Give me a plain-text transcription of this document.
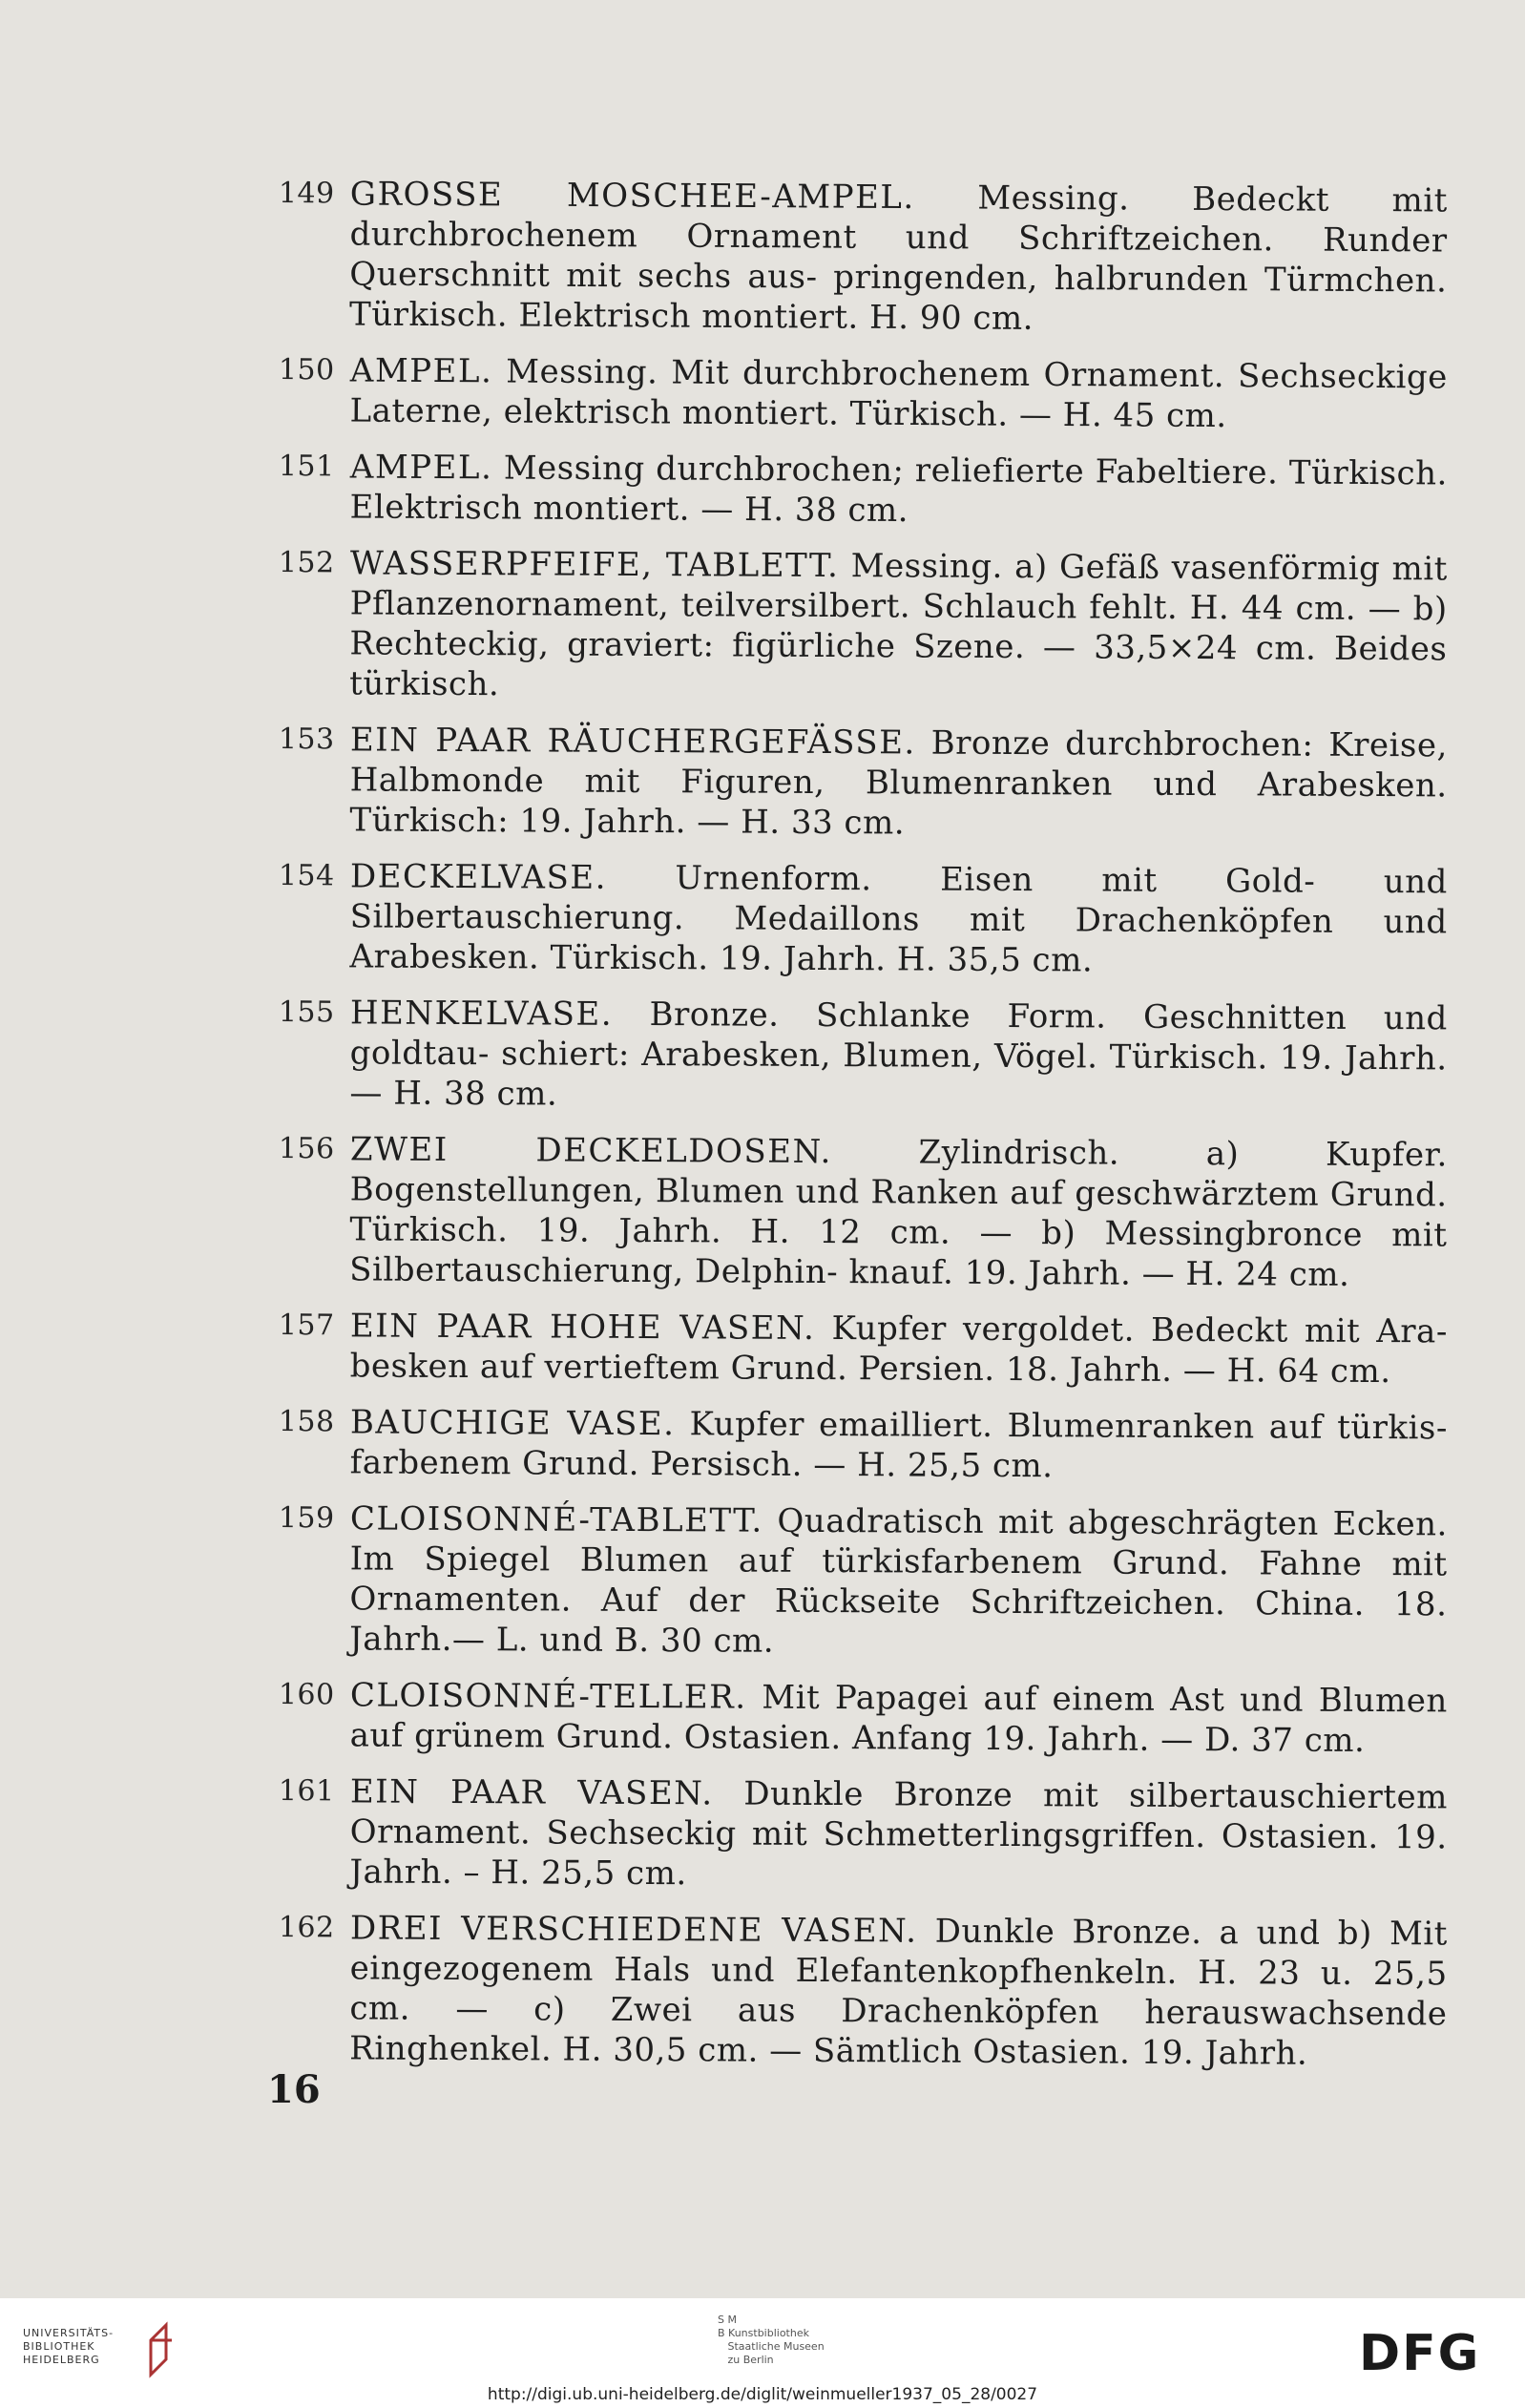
149 GROSSE MOSCHEE-AMPEL. Messing. Bedeckt mit durchbrochenem Ornament und Schriftzeichen. Runder Querschnitt mit sechs aus- pringenden, halbrunden Türmchen. Türkisch. Elektrisch montiert. H. 90 cm.
150 AMPEL. Messing. Mit durchbrochenem Ornament. Sechseckige Laterne, elektrisch montiert. Türkisch. — H. 45 cm.
151 AMPEL. Messing durchbrochen; reliefierte Fabeltiere. Türkisch. Elektrisch montiert. — H. 38 cm.
152 WASSERPFEIFE, TABLETT. Messing. a) Gefäß vasenförmig mit Pflanzenornament, teilversilbert. Schlauch fehlt. H. 44 cm. — b) Rechteckig, graviert: figürliche Szene. — 33,5×24 cm. Beides türkisch.
153 EIN PAAR RÄUCHERGEFÄSSE. Bronze durchbrochen: Kreise, Halbmonde mit Figuren, Blumenranken und Arabesken. Türkisch: 19. Jahrh. — H. 33 cm.
154 DECKELVASE. Urnenform. Eisen mit Gold- und Silbertauschierung. Medaillons mit Drachenköpfen und Arabesken. Türkisch. 19. Jahrh. H. 35,5 cm.
155 HENKELVASE. Bronze. Schlanke Form. Geschnitten und goldtau- schiert: Arabesken, Blumen, Vögel. Türkisch. 19. Jahrh. — H. 38 cm.
156 ZWEI DECKELDOSEN.	Zylindrisch. a) Kupfer. Bogenstellungen, Blumen und Ranken auf geschwärztem Grund. Türkisch. 19. Jahrh. H. 12 cm. — b) Messingbronce mit Silbertauschierung, Delphin- knauf. 19. Jahrh. — H. 24 cm.
157 EIN PAAR HOHE VASEN. Kupfer vergoldet. Bedeckt mit Ara- besken auf vertieftem Grund. Persien. 18. Jahrh. — H. 64 cm.
158 BAUCHIGE VASE. Kupfer emailliert. Blumenranken auf türkis- farbenem Grund. Persisch. — H. 25,5 cm.
159 CLOISONNÉ-TABLETT. Quadratisch mit abgeschrägten Ecken. Im Spiegel Blumen auf türkisfarbenem Grund. Fahne mit Ornamenten. Auf der Rückseite Schriftzeichen. China. 18. Jahrh.— L. und B. 30 cm.
160 CLOISONNÉ-TELLER. Mit Papagei auf einem Ast und Blumen auf grünem Grund. Ostasien. Anfang 19. Jahrh. — D. 37 cm.
161 EIN PAAR VASEN. Dunkle Bronze mit silbertauschiertem Ornament. Sechseckig mit Schmetterlingsgriffen. Ostasien. 19. Jahrh. – H. 25,5 cm.
162 DREI VERSCHIEDENE VASEN. Dunkle Bronze. a und b) Mit eingezogenem Hals und Elefantenkopfhenkeln. H. 23 u. 25,5 cm. — c) Zwei aus Drachenköpfen herauswachsende Ringhenkel. H. 30,5 cm. — Sämtlich Ostasien. 19. Jahrh.
16
UNIVERSITÄTS-
BIBLIOTHEK
HEIDELBERG
S M
B Kunstbibliothek
Staatliche Museen
zu Berlin	DFG
http://digi.ub.uni-heidelberg.de/diglit/weinmueller1937_05_28/0027
